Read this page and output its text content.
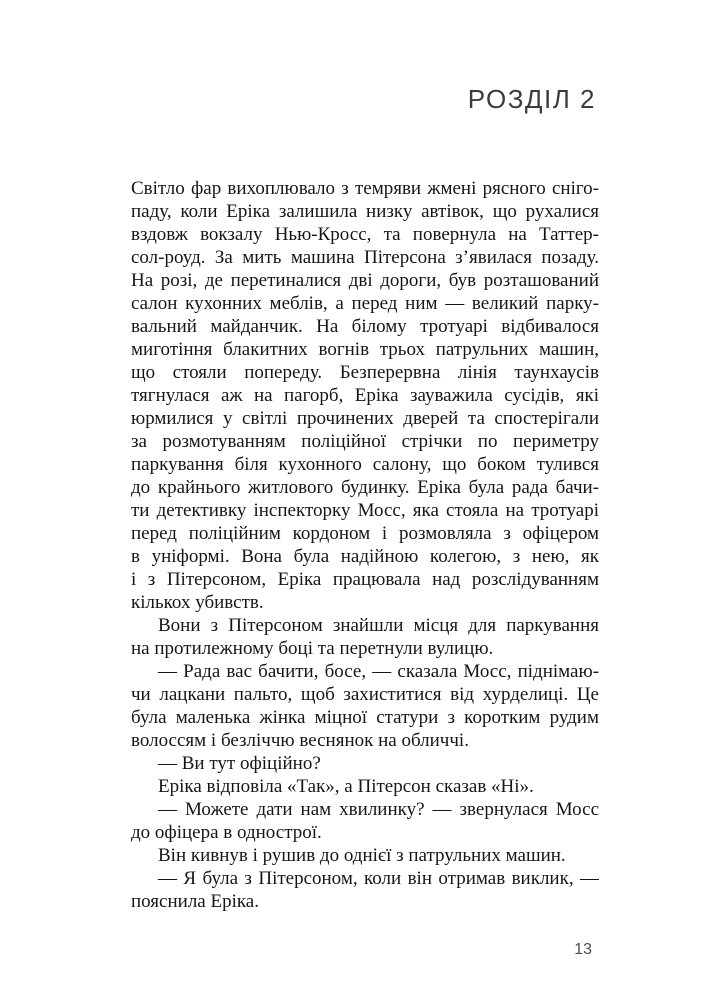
РОЗДІЛ 2
Світло фар вихоплювало з темряви жмені рясного сніго-
паду, коли Еріка залишила низку автівок, що рухалися
вздовж вокзалу Нью-Кросс, та повернула на Таттер-
сол-роуд. За мить машина Пітерсона з’явилася позаду.
На розі, де перетиналися дві дороги, був розташований
салон кухонних меблів, а перед ним — великий парку-
вальний майданчик. На білому тротуарі відбивалося
миготіння блакитних вогнів трьох патрульних машин,
що стояли попереду. Безперервна лінія таунхаусів
тягнулася аж на пагорб, Еріка зауважила сусідів, які
юрмилися у світлі прочинених дверей та спостерігали
за розмотуванням поліційної стрічки по периметру
паркування біля кухонного салону, що боком тулився
до крайнього житлового будинку. Еріка була рада бачи-
ти детективку інспекторку Мосс, яка стояла на тротуарі
перед поліційним кордоном і розмовляла з офіцером
в уніформі. Вона була надійною колегою, з нею, як
і з Пітерсоном, Еріка працювала над розслідуванням
кількох убивств.
Вони з Пітерсоном знайшли місця для паркування
на протилежному боці та перетнули вулицю.
— Рада вас бачити, босе, — сказала Мосс, піднімаю-
чи лацкани пальто, щоб захиститися від хурделиці. Це
була маленька жінка міцної статури з коротким рудим
волоссям і безліччю веснянок на обличчі.
— Ви тут офіційно?
Еріка відповіла «Так», а Пітерсон сказав «Ні».
— Можете дати нам хвилинку? — звернулася Мосс
до офіцера в однострої.
Він кивнув і рушив до однієї з патрульних машин.
— Я була з Пітерсоном, коли він отримав виклик, —
пояснила Еріка.
13
